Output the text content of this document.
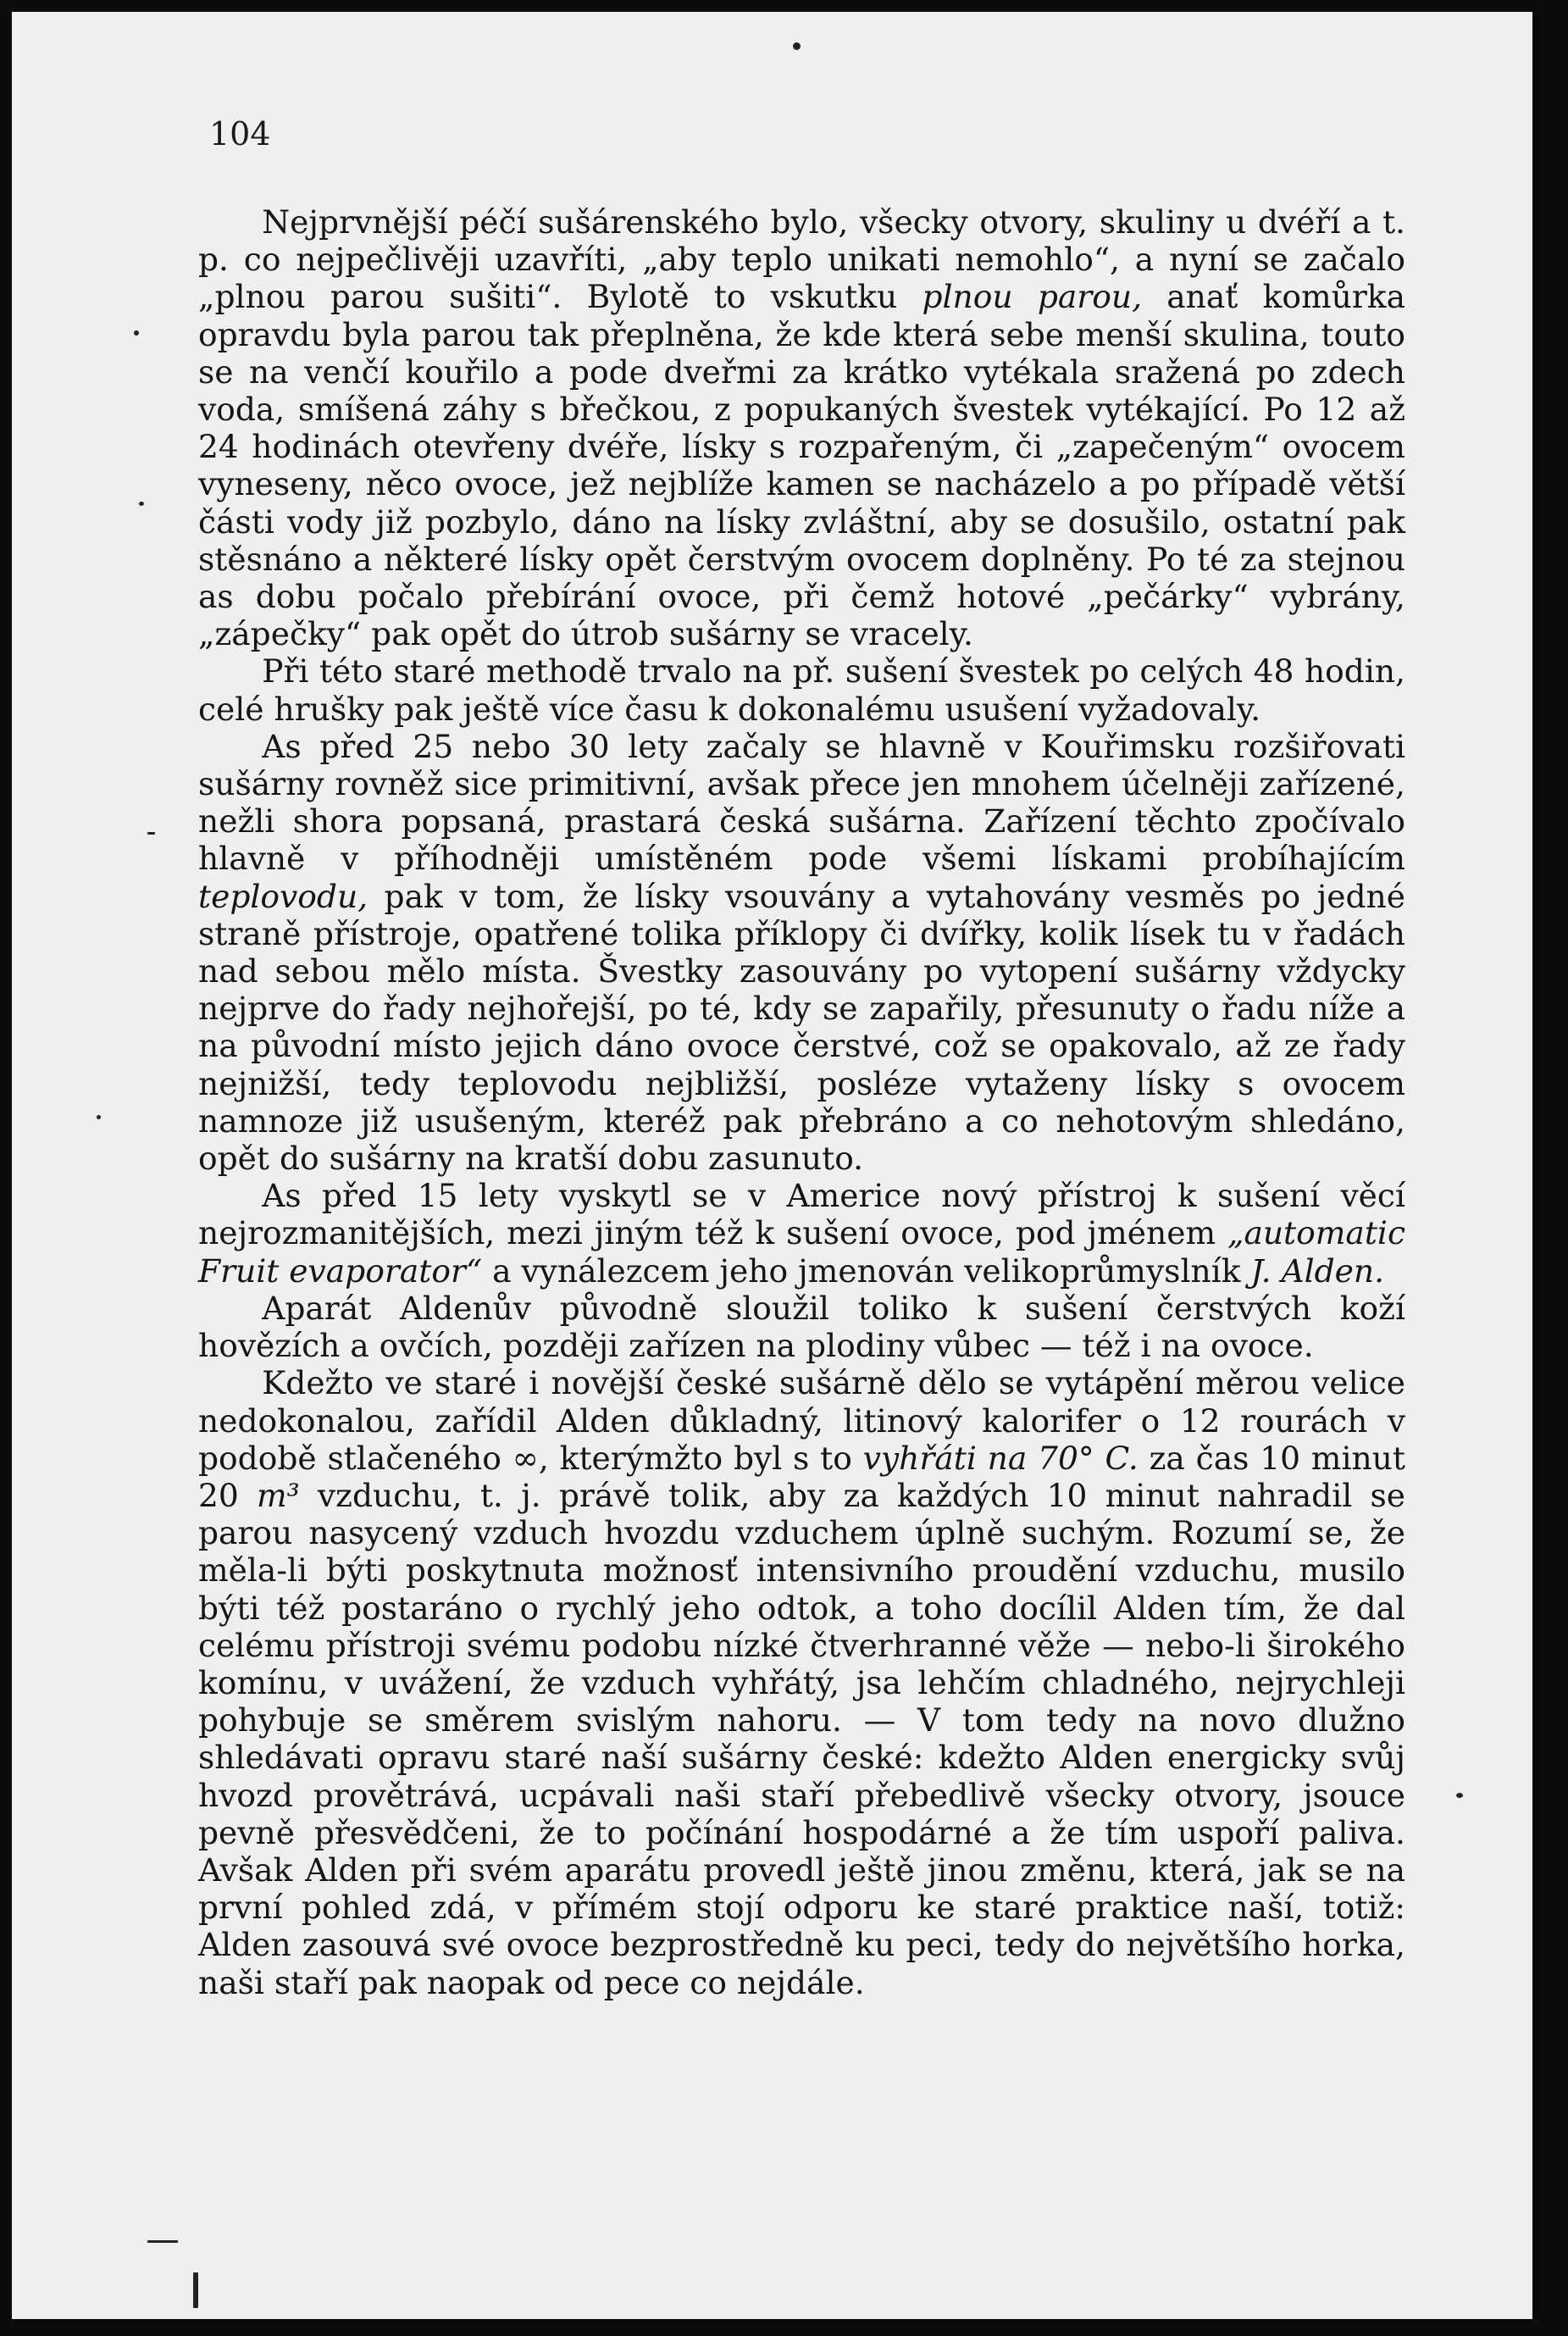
104

Nejprvnější péčí sušárenského bylo, všecky otvory, skuliny u dvéří a t. p. co nejpečlivěji uzavříti, „aby teplo unikati nemohlo“, a nyní se začalo „plnou parou sušiti“. Bylotě to vskutku plnou parou, anať komůrka opravdu byla parou tak přeplněna, že kde která sebe menší skulina, touto se na venčí kouřilo a pode dveřmi za krátko vytékala sražená po zdech voda, smíšená záhy s břečkou, z popukaných švestek vytékající. Po 12 až 24 hodinách otevřeny dvéře, lísky s rozpařeným, či „zapečeným“ ovocem vyneseny, něco ovoce, jež nejblíže kamen se nacházelo a po případě větší části vody již pozbylo, dáno na lísky zvláštní, aby se dosušilo, ostatní pak stěsnáno a některé lísky opět čerstvým ovocem doplněny. Po té za stejnou as dobu počalo přebírání ovoce, při čemž hotové „pečárky“ vybrány, „zápečky“ pak opět do útrob sušárny se vracely.

Při této staré methodě trvalo na př. sušení švestek po celých 48 hodin, celé hrušky pak ještě více času k dokonalému usušení vyžadovaly.

As před 25 nebo 30 lety začaly se hlavně v Kouřimsku rozšiřovati sušárny rovněž sice primitivní, avšak přece jen mnohem účelněji zařízené, nežli shora popsaná, prastará česká sušárna. Zařízení těchto zpočívalo hlavně v příhodněji umístěném pode všemi lískami probíhajícím teplovodu, pak v tom, že lísky vsouvány a vytahovány vesměs po jedné straně přístroje, opatřené tolika příklopy či dvířky, kolik lísek tu v řadách nad sebou mělo místa. Švestky zasouvány po vytopení sušárny vždycky nejprve do řady nejhořejší, po té, kdy se zapařily, přesunuty o řadu níže a na původní místo jejich dáno ovoce čerstvé, což se opakovalo, až ze řady nejnižší, tedy teplovodu nejbližší, posléze vytaženy lísky s ovocem namnoze již usušeným, kteréž pak přebráno a co nehotovým shledáno, opět do sušárny na kratší dobu zasunuto.

As před 15 lety vyskytl se v Americe nový přístroj k sušení věcí nejrozmanitějších, mezi jiným též k sušení ovoce, pod jménem „automatic Fruit evaporator“ a vynálezcem jeho jmenován velikoprůmyslník J. Alden.

Aparát Aldenův původně sloužil toliko k sušení čerstvých koží hovězích a ovčích, později zařízen na plodiny vůbec — též i na ovoce.

Kdežto ve staré i novější české sušárně dělo se vytápění měrou velice nedokonalou, zařídil Alden důkladný, litinový kalorifer o 12 rourách v podobě stlačeného ∞, kterýmžto byl s to vyhřáti na 70° C. za čas 10 minut 20 m³ vzduchu, t. j. právě tolik, aby za každých 10 minut nahradil se parou nasycený vzduch hvozdu vzduchem úplně suchým. Rozumí se, že měla-li býti poskytnuta možnosť intensivního proudění vzduchu, musilo býti též postaráno o rychlý jeho odtok, a toho docílil Alden tím, že dal celému přístroji svému podobu nízké čtverhranné věže — nebo-li širokého komínu, v uvážení, že vzduch vyhřátý, jsa lehčím chladného, nejrychleji pohybuje se směrem svislým nahoru. — V tom tedy na novo dlužno shledávati opravu staré naší sušárny české: kdežto Alden energicky svůj hvozd provětrává, ucpávali naši staří přebedlivě všecky otvory, jsouce pevně přesvědčeni, že to počínání hospodárné a že tím uspoří paliva. Avšak Alden při svém aparátu provedl ještě jinou změnu, která, jak se na první pohled zdá, v přímém stojí odporu ke staré praktice naší, totiž: Alden zasouvá své ovoce bezprostředně ku peci, tedy do největšího horka, naši staří pak naopak od pece co nejdále.
